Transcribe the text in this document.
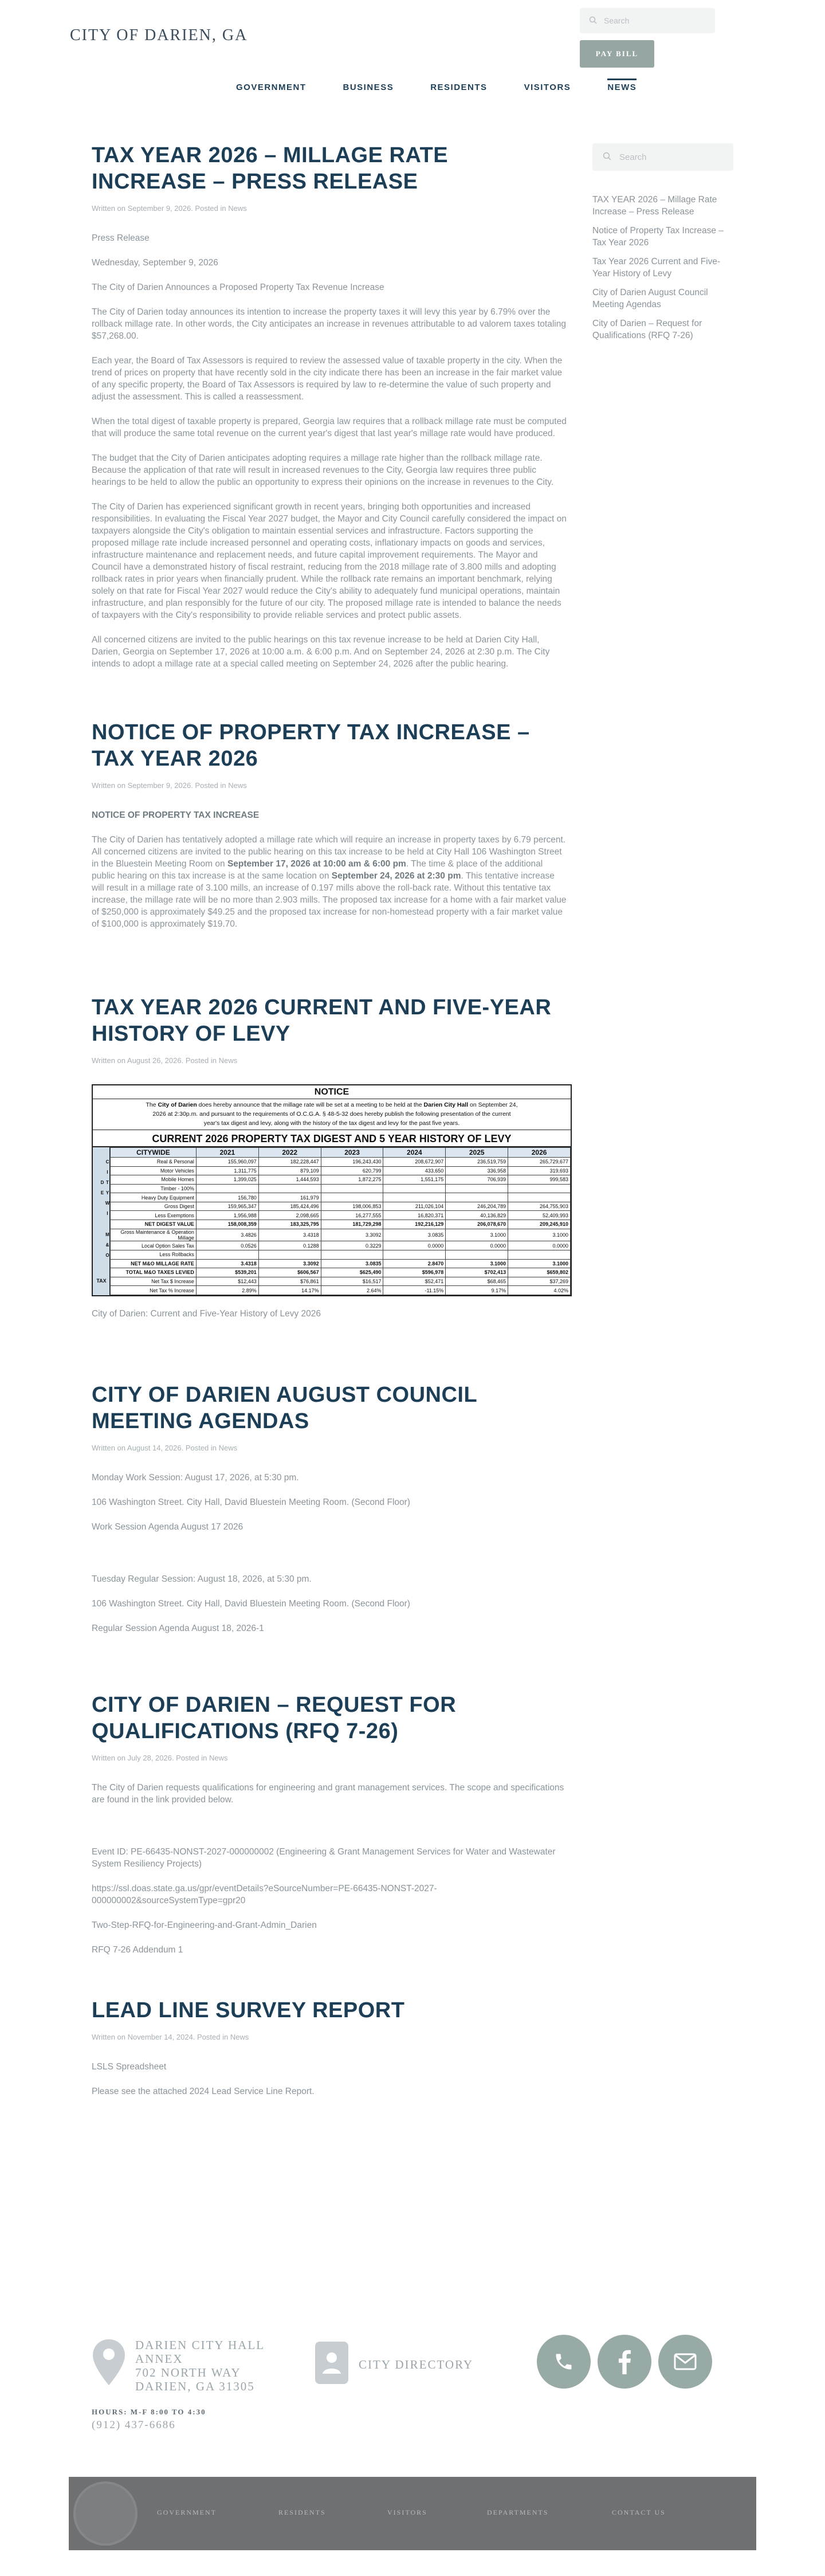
CITY OF DARIEN, GA
Search
PAY BILL
GOVERNMENT	BUSINESS	RESIDENTS	VISITORS	NEWS
TAX YEAR 2026 – MILLAGE RATE INCREASE – PRESS RELEASE
Written on September 9, 2026. Posted in News

Press Release

Wednesday, September 9, 2026

The City of Darien Announces a Proposed Property Tax Revenue Increase

The City of Darien today announces its intention to increase the property taxes it will levy this year by 6.79% over the rollback millage rate. In other words, the City anticipates an increase in revenues attributable to ad valorem taxes totaling $57,268.00.

Each year, the Board of Tax Assessors is required to review the assessed value of taxable property in the city. When the trend of prices on property that have recently sold in the city indicate there has been an increase in the fair market value of any specific property, the Board of Tax Assessors is required by law to re-determine the value of such property and adjust the assessment. This is called a reassessment.

When the total digest of taxable property is prepared, Georgia law requires that a rollback millage rate must be computed that will produce the same total revenue on the current year's digest that last year's millage rate would have produced.

The budget that the City of Darien anticipates adopting requires a millage rate higher than the rollback millage rate. Because the application of that rate will result in increased revenues to the City, Georgia law requires three public hearings to be held to allow the public an opportunity to express their opinions on the increase in revenues to the City.

The City of Darien has experienced significant growth in recent years, bringing both opportunities and increased responsibilities. In evaluating the Fiscal Year 2027 budget, the Mayor and City Council carefully considered the impact on taxpayers alongside the City's obligation to maintain essential services and infrastructure. Factors supporting the proposed millage rate include increased personnel and operating costs, inflationary impacts on goods and services, infrastructure maintenance and replacement needs, and future capital improvement requirements. The Mayor and Council have a demonstrated history of fiscal restraint, reducing from the 2018 millage rate of 3.800 mills and adopting rollback rates in prior years when financially prudent. While the rollback rate remains an important benchmark, relying solely on that rate for Fiscal Year 2027 would reduce the City's ability to adequately fund municipal operations, maintain infrastructure, and plan responsibly for the future of our city. The proposed millage rate is intended to balance the needs of taxpayers with the City's responsibility to provide reliable services and protect public assets.

All concerned citizens are invited to the public hearings on this tax revenue increase to be held at Darien City Hall, Darien, Georgia on September 17, 2026 at 10:00 a.m. & 6:00 p.m. And on September 24, 2026 at 2:30 p.m. The City intends to adopt a millage rate at a special called meeting on September 24, 2026 after the public hearing.

NOTICE OF PROPERTY TAX INCREASE – TAX YEAR 2026
Written on September 9, 2026. Posted in News

NOTICE OF PROPERTY TAX INCREASE

The City of Darien has tentatively adopted a millage rate which will require an increase in property taxes by 6.79 percent. All concerned citizens are invited to the public hearing on this tax increase to be held at City Hall 106 Washington Street in the Bluestein Meeting Room on September 17, 2026 at 10:00 am & 6:00 pm. The time & place of the additional public hearing on this tax increase is at the same location on September 24, 2026 at 2:30 pm. This tentative increase will result in a millage rate of 3.100 mills, an increase of 0.197 mills above the roll-back rate. Without this tentative tax increase, the millage rate will be no more than 2.903 mills. The proposed tax increase for a home with a fair market value of $250,000 is approximately $49.25 and the proposed tax increase for non-homestead property with a fair market value of $100,000 is approximately $19.70.

TAX YEAR 2026 CURRENT AND FIVE-YEAR HISTORY OF LEVY
Written on August 26, 2026. Posted in News
NOTICE
The City of Darien does hereby announce that the millage rate will be set at a meeting to be held at the Darien City Hall on September 24, 2026 at 2:30p.m. and pursuant to the requirements of O.C.G.A. § 48-5-32 does hereby publish the following presentation of the current year's tax digest and levy, along with the history of the tax digest and levy for the past five years.
CURRENT 2026 PROPERTY TAX DIGEST AND 5 YEAR HISTORY OF LEVY
C I T Y W I D E
M & O
TAX
CITYWIDE	2021	2022	2023	2024	2025	2026
Real & Personal	155,960,097	182,228,447	196,243,430	208,672,907	236,519,759	265,729,677
Motor Vehicles	1,311,775	879,109	620,799	433,650	336,958	319,693
Mobile Homes	1,399,025	1,444,593	1,872,275	1,551,175	706,939	999,583
Timber - 100%						
Heavy Duty Equipment	156,780	161,979				
Gross Digest	159,965,347	185,424,496	198,006,853	211,026,104	246,204,789	264,755,903
Less Exemptions	1,956,988	2,098,665	16,277,555	16,820,371	40,136,829	52,409,993
NET DIGEST VALUE	158,008,359	183,325,795	181,729,298	192,216,129	206,078,670	209,245,910
Gross Maintenance & Operation Millage	3.4826	3.4318	3.3092	3.0835	3.1000	3.1000
Local Option Sales Tax	0.0526	0.1288	0.3229	0.0000	0.0000	0.0000
Less Rollbacks						
NET M&O MILLAGE RATE	3.4318	3.3092	3.0835	2.8470	3.1000	3.1000
TOTAL M&O TAXES LEVIED	$539,201	$606,567	$625,490	$596,978	$702,413	$659,802
Net Tax $ Increase	$12,443	$76,861	$16,517	$52,471	$68,465	$37,269
Net Tax % Increase	2.89%	14.17%	2.64%	-11.15%	9.17%	4.02%

City of Darien: Current and Five-Year History of Levy 2026

CITY OF DARIEN AUGUST COUNCIL MEETING AGENDAS
Written on August 14, 2026. Posted in News

Monday Work Session: August 17, 2026, at 5:30 pm.

106 Washington Street. City Hall, David Bluestein Meeting Room. (Second Floor)

Work Session Agenda August 17 2026

Tuesday Regular Session: August 18, 2026, at 5:30 pm.

106 Washington Street. City Hall, David Bluestein Meeting Room. (Second Floor)

Regular Session Agenda August 18, 2026-1

CITY OF DARIEN – REQUEST FOR QUALIFICATIONS (RFQ 7-26)
Written on July 28, 2026. Posted in News

The City of Darien requests qualifications for engineering and grant management services. The scope and specifications are found in the link provided below.

Event ID: PE-66435-NONST-2027-000000002 (Engineering & Grant Management Services for Water and Wastewater System Resiliency Projects)

https://ssl.doas.state.ga.us/gpr/eventDetails?eSourceNumber=PE-66435-NONST-2027-000000002&sourceSystemType=gpr20

Two-Step-RFQ-for-Engineering-and-Grant-Admin_Darien

RFQ 7-26 Addendum 1

LEAD LINE SURVEY REPORT
Written on November 14, 2024. Posted in News

LSLS Spreadsheet

Please see the attached 2024 Lead Service Line Report.

Search
TAX YEAR 2026 – Millage Rate Increase – Press Release
Notice of Property Tax Increase – Tax Year 2026
Tax Year 2026 Current and Five-Year History of Levy
City of Darien August Council Meeting Agendas
City of Darien – Request for Qualifications (RFQ 7-26)
DARIEN CITY HALL ANNEX
702 NORTH WAY
DARIEN, GA 31305
HOURS: M-F 8:00 TO 4:30
(912) 437-6686
CITY DIRECTORY
GOVERNMENT	RESIDENTS	VISITORS	DEPARTMENTS	CONTACT US
